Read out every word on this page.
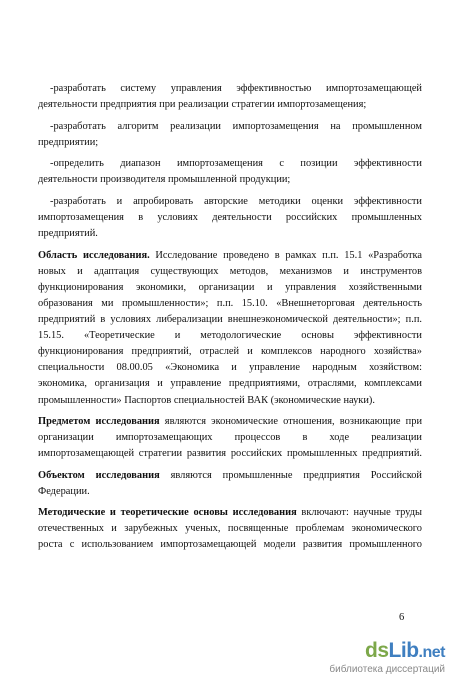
-разработать систему управления эффективностью импортозамещающей
деятельности предприятия при реализации стратегии импортозамещения;
-разработать алгоритм реализации импортозамещения на промышленном
предприятии;
-определить диапазон импортозамещения с позиции эффективности
деятельности производителя промышленной продукции;
-разработать и апробировать авторские методики оценки эффективности
импортозамещения в условиях деятельности российских промышленных
предприятий.
Область исследования. Исследование проведено в рамках п.п. 15.1 «Разработка
новых и адаптация существующих методов, механизмов и инструментов
функционирования экономики, организации и управления хозяйственными
образования ми промышленности»; п.п. 15.10. «Внешнеторговая деятельность
предприятий в условиях либерализации внешнеэкономической деятельности»; п.п.
15.15. «Теоретические и методологические основы эффективности
функционирования предприятий, отраслей и комплексов народного хозяйства»
специальности 08.00.05 «Экономика и управление народным хозяйством:
экономика, организация и управление предприятиями, отраслями, комплексами
промышленности» Паспортов специальностей ВАК (экономические науки).
Предметом исследования являются экономические отношения, возникающие при
организации импортозамещающих процессов в ходе реализации
импортозамещающей стратегии развития российских промышленных предприятий.
Объектом исследования являются промышленные предприятия Российской
Федерации.
Методические и теоретические основы исследования включают: научные труды
отечественных и зарубежных ученых, посвященные проблемам экономического
роста с использованием импортозамещающей модели развития промышленного
6
dsLib.net
библиотека диссертаций
